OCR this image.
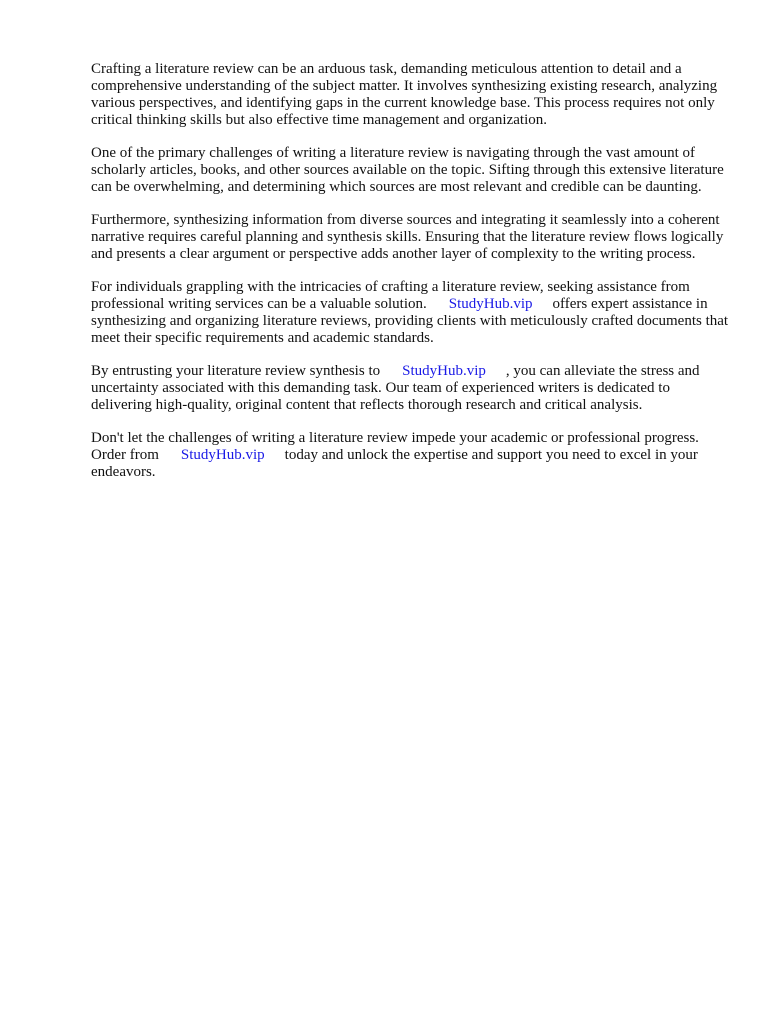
Crafting a literature review can be an arduous task, demanding meticulous attention to detail and a comprehensive understanding of the subject matter. It involves synthesizing existing research, analyzing various perspectives, and identifying gaps in the current knowledge base. This process requires not only critical thinking skills but also effective time management and organization.

One of the primary challenges of writing a literature review is navigating through the vast amount of scholarly articles, books, and other sources available on the topic. Sifting through this extensive literature can be overwhelming, and determining which sources are most relevant and credible can be daunting.

Furthermore, synthesizing information from diverse sources and integrating it seamlessly into a coherent narrative requires careful planning and synthesis skills. Ensuring that the literature review flows logically and presents a clear argument or perspective adds another layer of complexity to the writing process.

For individuals grappling with the intricacies of crafting a literature review, seeking assistance from professional writing services can be a valuable solution. StudyHub.vip offers expert assistance in synthesizing and organizing literature reviews, providing clients with meticulously crafted documents that meet their specific requirements and academic standards.

By entrusting your literature review synthesis to StudyHub.vip , you can alleviate the stress and uncertainty associated with this demanding task. Our team of experienced writers is dedicated to delivering high-quality, original content that reflects thorough research and critical analysis.

Don't let the challenges of writing a literature review impede your academic or professional progress. Order from StudyHub.vip today and unlock the expertise and support you need to excel in your endeavors.
